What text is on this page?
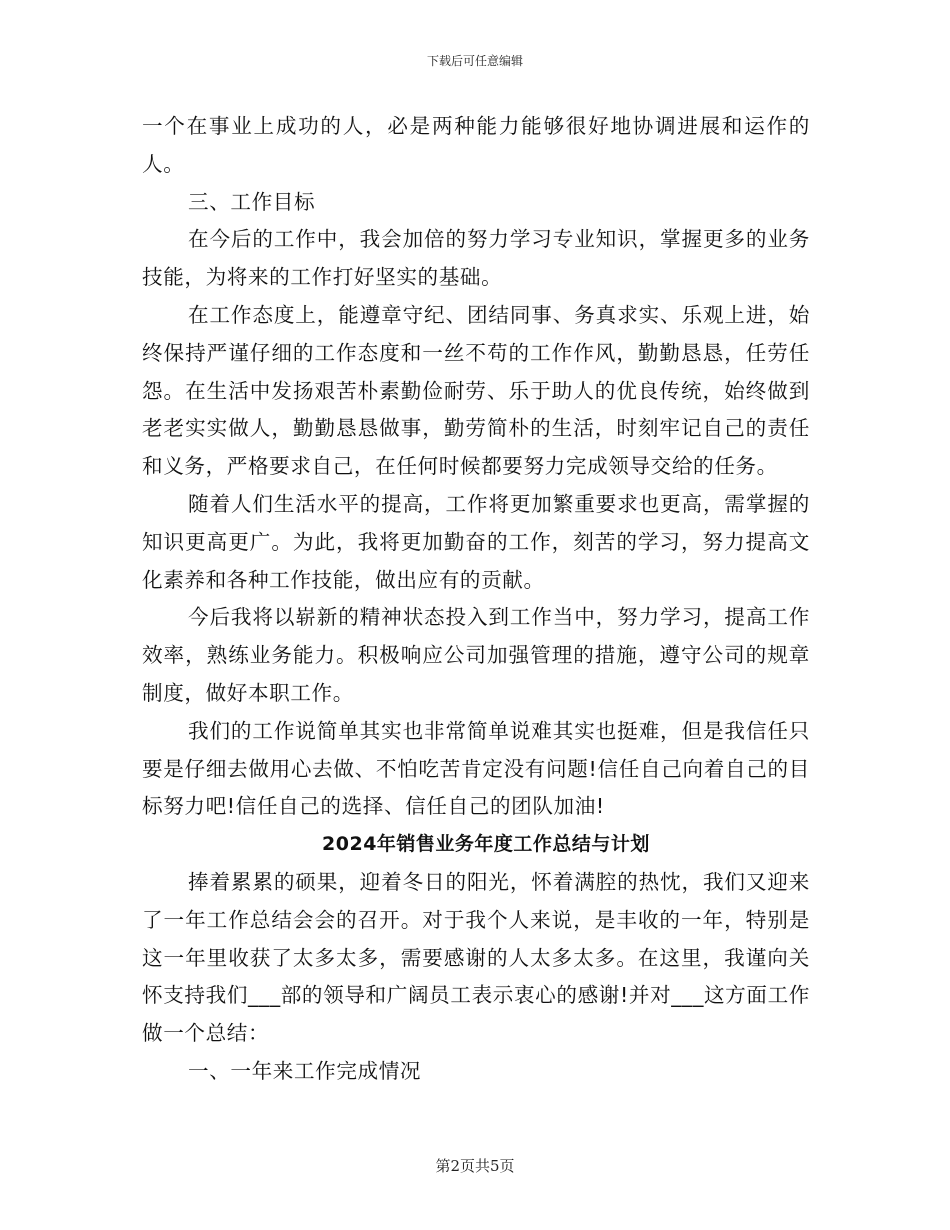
下载后可任意编辑

一个在事业上成功的人，必是两种能力能够很好地协调进展和运作的人。

三、工作目标

在今后的工作中，我会加倍的努力学习专业知识，掌握更多的业务技能，为将来的工作打好坚实的基础。

在工作态度上，能遵章守纪、团结同事、务真求实、乐观上进，始终保持严谨仔细的工作态度和一丝不苟的工作作风，勤勤恳恳，任劳任怨。在生活中发扬艰苦朴素勤俭耐劳、乐于助人的优良传统，始终做到老老实实做人，勤勤恳恳做事，勤劳简朴的生活，时刻牢记自己的责任和义务，严格要求自己，在任何时候都要努力完成领导交给的任务。

随着人们生活水平的提高，工作将更加繁重要求也更高，需掌握的知识更高更广。为此，我将更加勤奋的工作，刻苦的学习，努力提高文化素养和各种工作技能，做出应有的贡献。

今后我将以崭新的精神状态投入到工作当中，努力学习，提高工作效率，熟练业务能力。积极响应公司加强管理的措施，遵守公司的规章制度，做好本职工作。

我们的工作说简单其实也非常简单说难其实也挺难，但是我信任只要是仔细去做用心去做、不怕吃苦肯定没有问题!信任自己向着自己的目标努力吧!信任自己的选择、信任自己的团队加油!

2024年销售业务年度工作总结与计划

捧着累累的硕果，迎着冬日的阳光，怀着满腔的热忱，我们又迎来了一年工作总结会会的召开。对于我个人来说，是丰收的一年，特别是这一年里收获了太多太多，需要感谢的人太多太多。在这里，我谨向关怀支持我们___部的领导和广阔员工表示衷心的感谢!并对___这方面工作做一个总结：

一、一年来工作完成情况

第2页共5页
